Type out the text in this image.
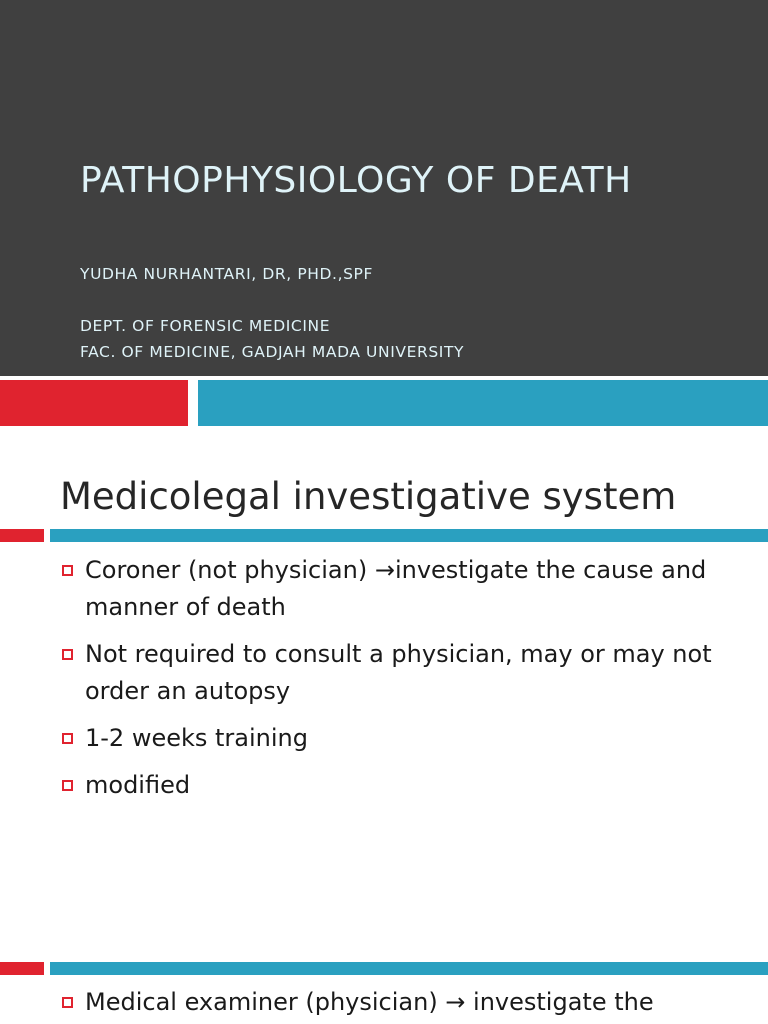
PATHOPHYSIOLOGY OF DEATH
YUDHA NURHANTARI, DR, PHD.,SPF
DEPT. OF FORENSIC MEDICINE
FAC. OF MEDICINE, GADJAH MADA UNIVERSITY
Medicolegal investigative system
Coroner (not physician) →investigate the cause and manner of death
Not required to consult a physician, may or may not order an autopsy
1-2 weeks training
modified
Medical examiner (physician) → investigate the
